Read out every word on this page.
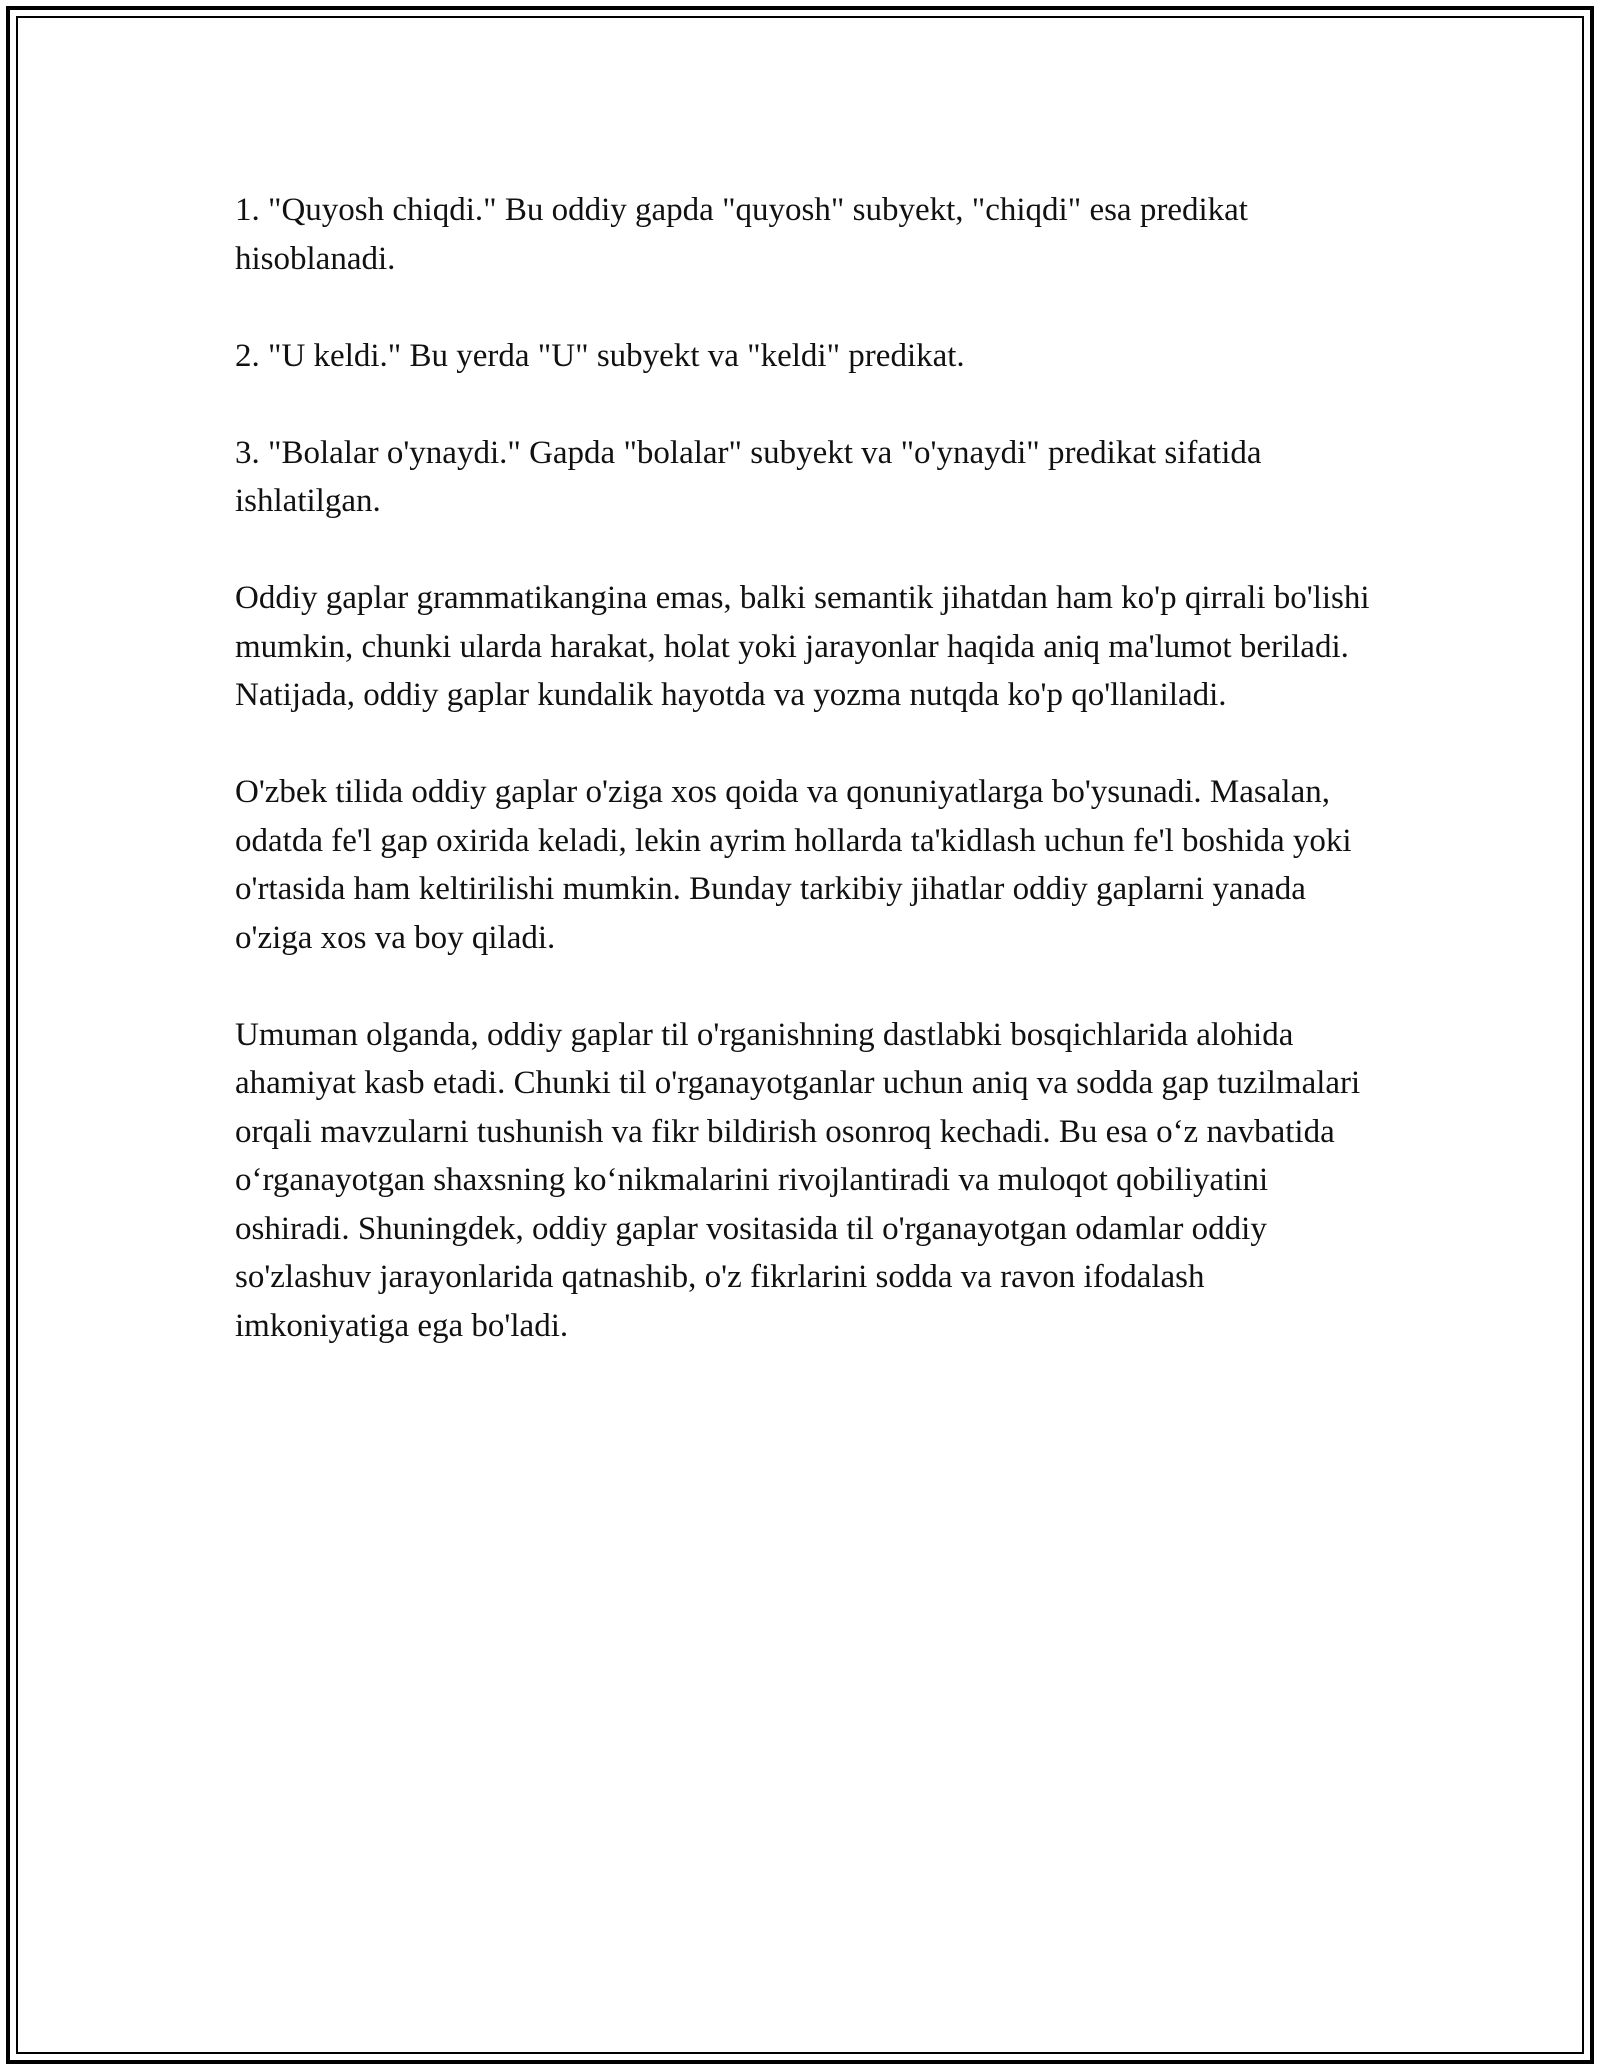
1. "Quyosh chiqdi." Bu oddiy gapda "quyosh" subyekt, "chiqdi" esa predikat hisoblanadi.

2. "U keldi." Bu yerda "U" subyekt va "keldi" predikat.

3. "Bolalar o'ynaydi." Gapda "bolalar" subyekt va "o'ynaydi" predikat sifatida ishlatilgan.

Oddiy gaplar grammatikangina emas, balki semantik jihatdan ham ko'p qirrali bo'lishi mumkin, chunki ularda harakat, holat yoki jarayonlar haqida aniq ma'lumot beriladi. Natijada, oddiy gaplar kundalik hayotda va yozma nutqda ko'p qo'llaniladi.

O'zbek tilida oddiy gaplar o'ziga xos qoida va qonuniyatlarga bo'ysunadi. Masalan, odatda fe'l gap oxirida keladi, lekin ayrim hollarda ta'kidlash uchun fe'l boshida yoki o'rtasida ham keltirilishi mumkin. Bunday tarkibiy jihatlar oddiy gaplarni yanada o'ziga xos va boy qiladi.

Umuman olganda, oddiy gaplar til o'rganishning dastlabki bosqichlarida alohida ahamiyat kasb etadi. Chunki til o'rganayotganlar uchun aniq va sodda gap tuzilmalari orqali mavzularni tushunish va fikr bildirish osonroq kechadi. Bu esa o‘z navbatida o‘rganayotgan shaxsning ko‘nikmalarini rivojlantiradi va muloqot qobiliyatini oshiradi. Shuningdek, oddiy gaplar vositasida til o'rganayotgan odamlar oddiy so'zlashuv jarayonlarida qatnashib, o'z fikrlarini sodda va ravon ifodalash imkoniyatiga ega bo'ladi.
